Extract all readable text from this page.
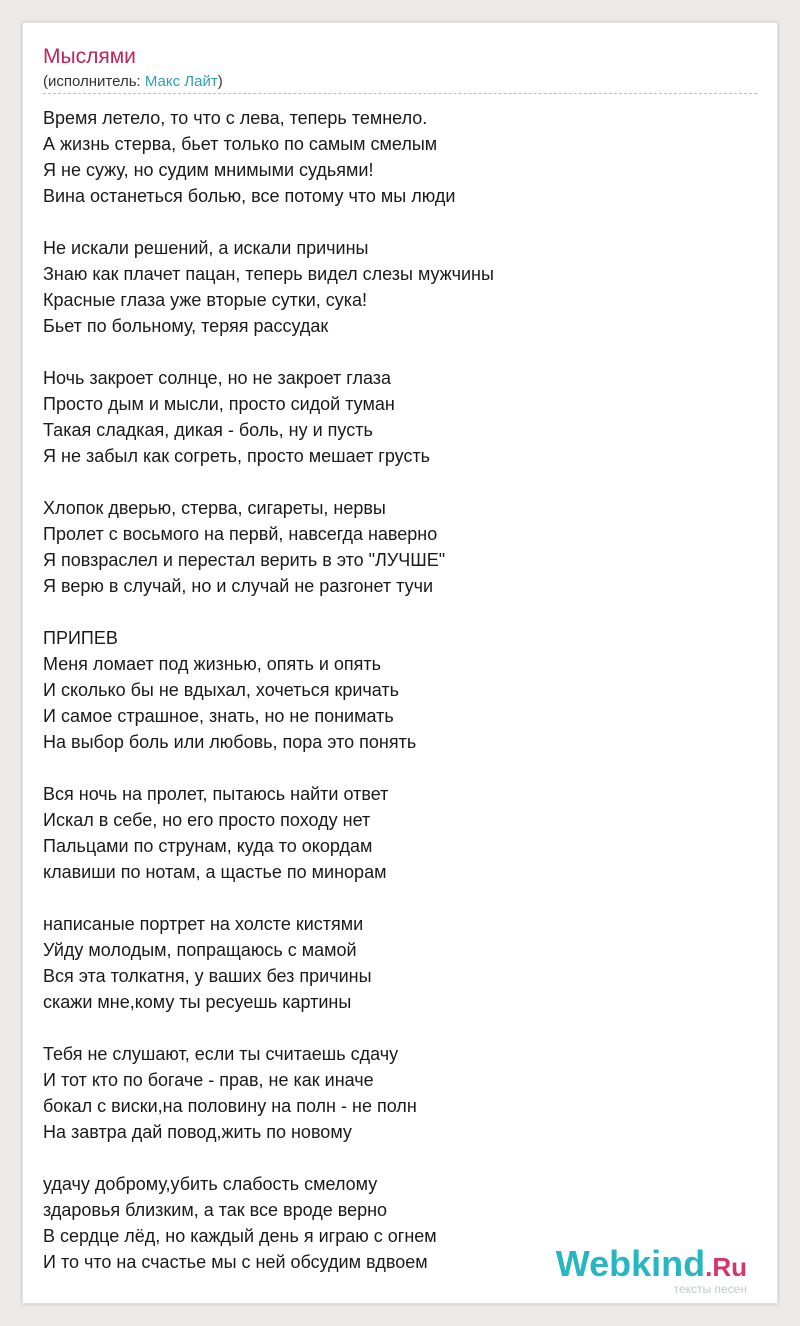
Мыслями
(исполнитель: Макс Лайт)
Время летело, то что с лева, теперь темнело.
А жизнь стерва, бьет только по самым смелым
Я не сужу, но судим мнимыми судьями!
Вина останеться болью, все потому что мы люди
Не искали решений, а искали причины
Знаю как плачет пацан, теперь видел слезы мужчины
Красные глаза уже вторые сутки, сука!
Бьет по больному, теряя рассудак
Ночь закроет солнце, но не закроет глаза
Просто дым и мысли, просто сидой туман
Такая сладкая, дикая - боль, ну и пусть
Я не забыл как согреть, просто мешает грусть
Хлопок дверью, стерва, сигареты, нервы
Пролет с восьмого на первй, навсегда наверно
Я повзраслел и перестал верить в это "ЛУЧШЕ"
Я верю в случай, но и случай не разгонет тучи
ПРИПЕВ
Меня ломает под жизнью, опять и опять
И сколько бы не вдыхал, хочеться кричать
И самое страшное, знать, но не понимать
На выбор боль или любовь, пора это понять
Вся ночь на пролет, пытаюсь найти ответ
Искал в себе, но его просто походу нет
Пальцами по струнам, куда то окордам
клавиши по нотам, а щастье по минорам
написаные портрет на холсте кистями
Уйду молодым, попращаюсь с мамой
Вся эта толкатня, у ваших без причины
скажи мне,кому ты ресуешь картины
Тебя не слушают, если ты считаешь сдачу
И тот кто по богаче - прав, не как иначе
бокал с виски,на половину на полн - не полн
На завтра дай повод,жить по новому
удачу доброму,убить слабость смелому
здаровья близким, а так все вроде верно
В сердце лёд, но каждый день я играю с огнем
И то что на счастье мы с ней обсудим вдвоем	Webkind.Ru
тексты песен
